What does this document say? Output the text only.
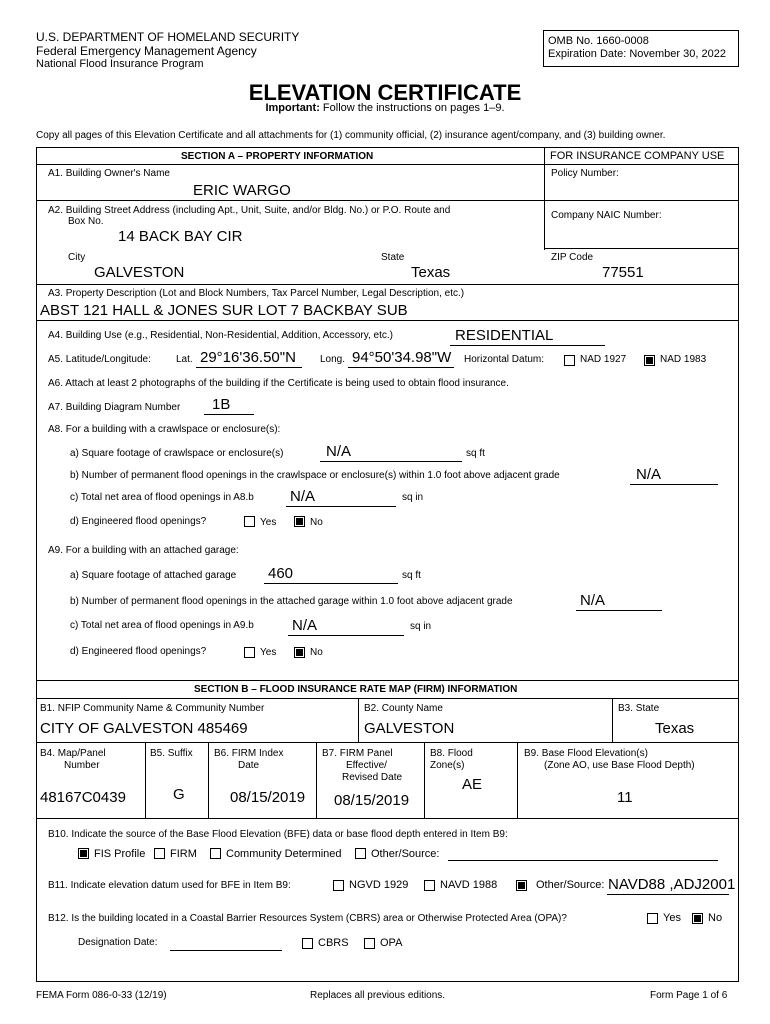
U.S. DEPARTMENT OF HOMELAND SECURITY
Federal Emergency Management Agency
National Flood Insurance Program
OMB No. 1660-0008
Expiration Date: November 30, 2022
ELEVATION CERTIFICATE
Important: Follow the instructions on pages 1–9.
Copy all pages of this Elevation Certificate and all attachments for (1) community official, (2) insurance agent/company, and (3) building owner.
SECTION A – PROPERTY INFORMATION	FOR INSURANCE COMPANY USE
A1. Building Owner's Name
ERIC WARGO
Policy Number:
A2. Building Street Address (including Apt., Unit, Suite, and/or Bldg. No.) or P.O. Route and
Box No.
14 BACK BAY CIR
Company NAIC Number:
City
GALVESTON
State
Texas
ZIP Code
77551
A3. Property Description (Lot and Block Numbers, Tax Parcel Number, Legal Description, etc.)
ABST 121 HALL & JONES SUR LOT 7 BACKBAY SUB
A4. Building Use (e.g., Residential, Non-Residential, Addition, Accessory, etc.)	RESIDENTIAL
A5. Latitude/Longitude:	Lat. 29°16'36.50"N Long. 94°50'34.98"W Horizontal Datum:	NAD 1927	NAD 1983
A6. Attach at least 2 photographs of the building if the Certificate is being used to obtain flood insurance.
A7. Building Diagram Number 1B
A8. For a building with a crawlspace or enclosure(s):
a) Square footage of crawlspace or enclosure(s)	N/A	sq ft
b) Number of permanent flood openings in the crawlspace or enclosure(s) within 1.0 foot above adjacent grade	N/A
c) Total net area of flood openings in A8.b N/A	sq in
d) Engineered flood openings?	Yes	No
A9. For a building with an attached garage:
a) Square footage of attached garage 460	sq ft
b) Number of permanent flood openings in the attached garage within 1.0 foot above adjacent grade	N/A
c) Total net area of flood openings in A9.b	N/A	sq in
d) Engineered flood openings?	Yes	No
SECTION B – FLOOD INSURANCE RATE MAP (FIRM) INFORMATION
B1. NFIP Community Name & Community Number
CITY OF GALVESTON 485469
B2. County Name
GALVESTON
B3. State
Texas
B4. Map/Panel
Number
48167C0439
B5. Suffix
G
B6. FIRM Index
Date
08/15/2019
B7. FIRM Panel
Effective/
Revised Date
08/15/2019
B8. Flood
Zone(s)
AE
B9. Base Flood Elevation(s)
(Zone AO, use Base Flood Depth)
11
B10. Indicate the source of the Base Flood Elevation (BFE) data or base flood depth entered in Item B9:
FIS Profile FIRM	Community Determined	Other/Source:
B11. Indicate elevation datum used for BFE in Item B9:	NGVD 1929	NAVD 1988	Other/Source: NAVD88 ,ADJ2001
B12. Is the building located in a Coastal Barrier Resources System (CBRS) area or Otherwise Protected Area (OPA)?	Yes No
Designation Date:	CBRS	OPA
FEMA Form 086-0-33 (12/19)	Replaces all previous editions.	Form Page 1 of 6
